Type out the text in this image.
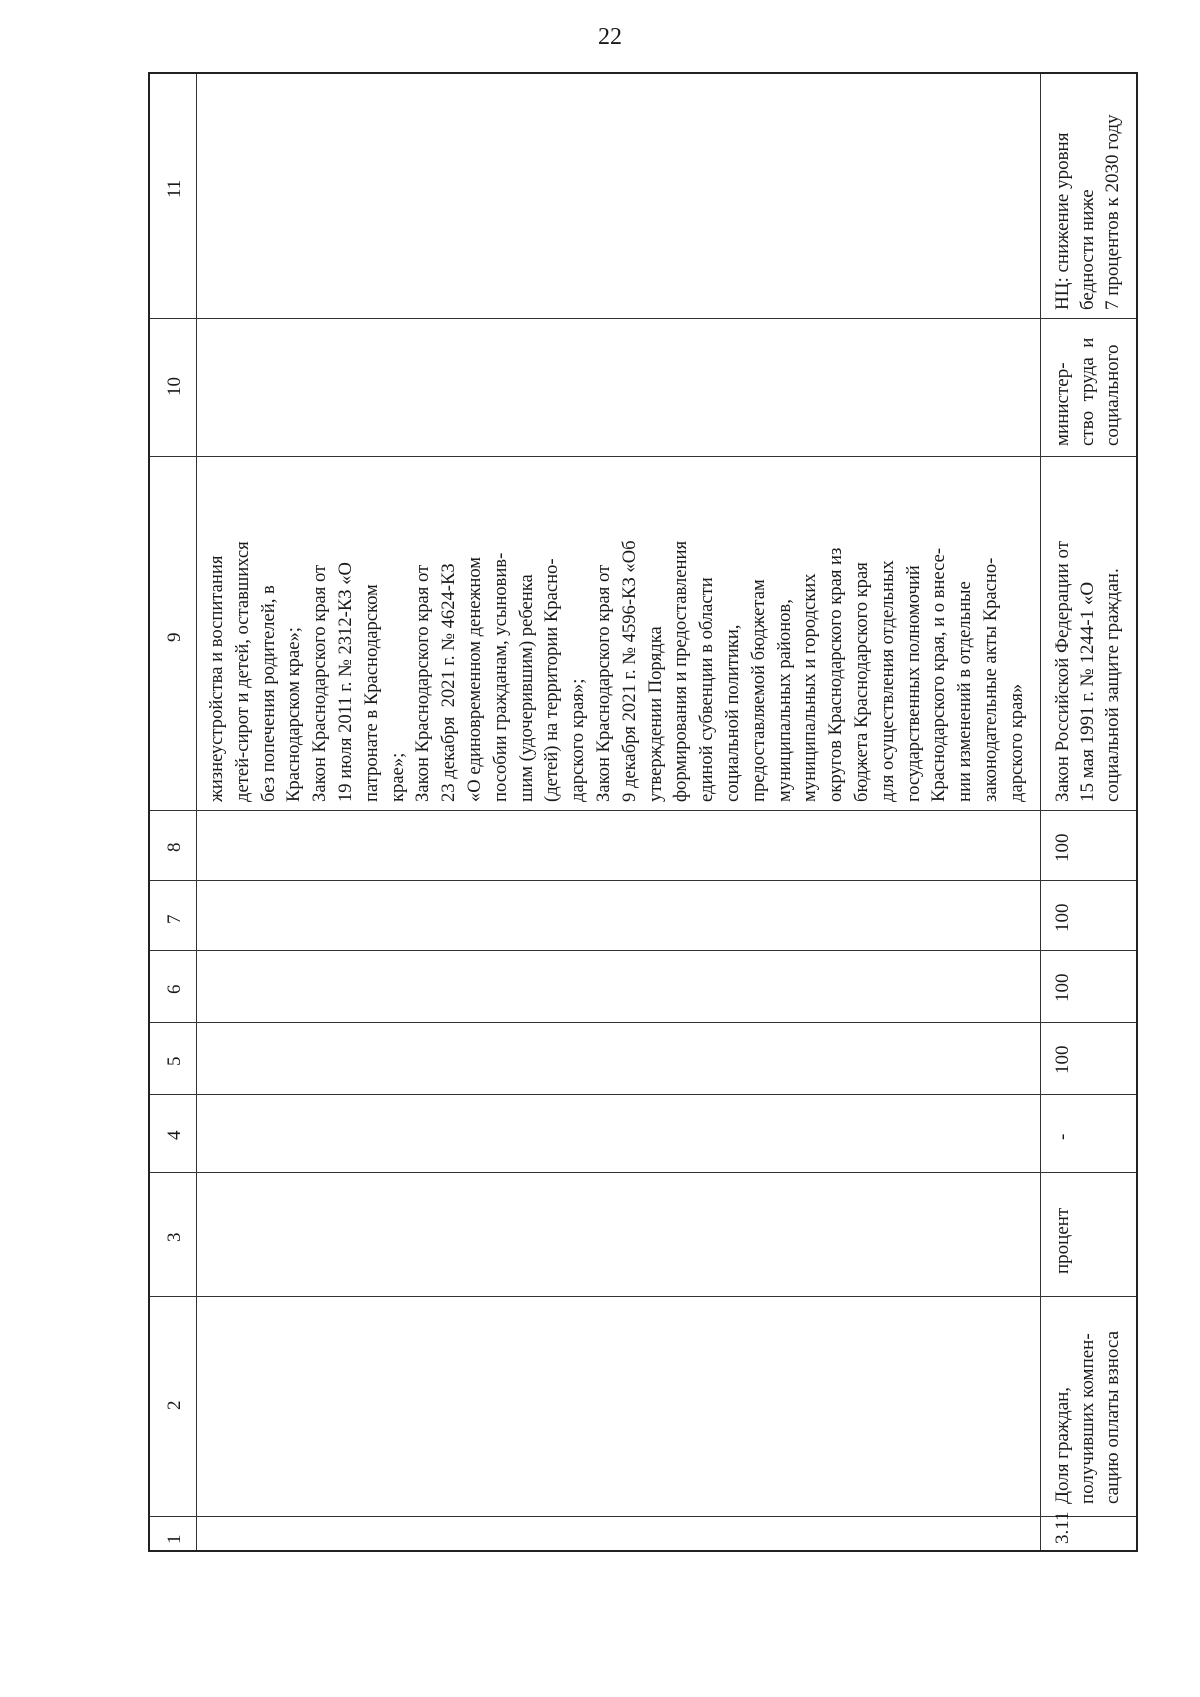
22
1
2
3
4
5
6
7
8
9
10
11
жизнеустройства и воспитания
детей-сирот и детей, оставшихся
без попечения родителей, в
Краснодарском крае»;
Закон Краснодарского края от
19 июля 2011 г. № 2312-КЗ «О
патронате в Краснодарском
крае»;
Закон Краснодарского края от
23 декабря  2021 г. № 4624-КЗ
«О единовременном денежном
пособии гражданам, усыновив-
шим (удочерившим) ребенка
(детей) на территории Красно-
дарского края»;
Закон Краснодарского края от
9 декабря 2021 г. № 4596-КЗ «Об
утверждении Порядка
формирования и предоставления
единой субвенции в области
социальной политики,
предоставляемой бюджетам
муниципальных районов,
муниципальных и городских
округов Краснодарского края из
бюджета Краснодарского края
для осуществления отдельных
государственных полномочий
Краснодарского края, и о внесе-
нии изменений в отдельные
законодательные акты Красно-
дарского края»
3.11
Доля граждан,
получивших компен-
сацию оплаты взноса
процент
-
100
100
100
100
Закон Российской Федерации от
15 мая 1991 г. № 1244-1 «О
социальной защите граждан.
министер-
ство  труда  и
социального
НЦ: снижение уровня
бедности ниже
7 процентов к 2030 году
